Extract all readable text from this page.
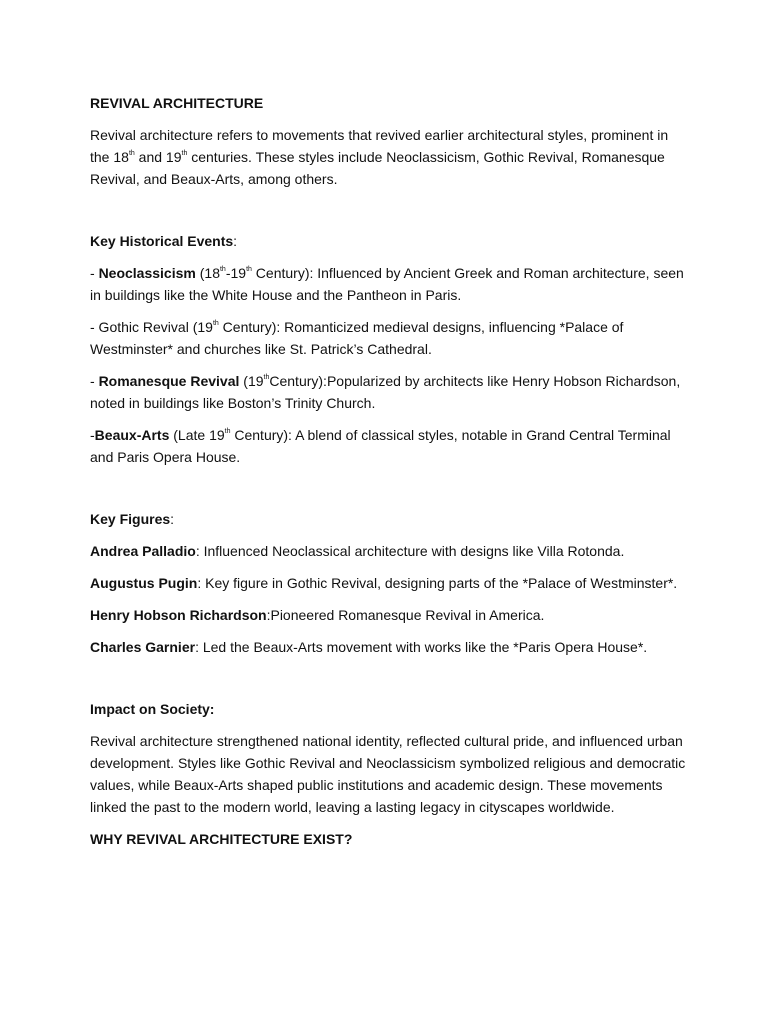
REVIVAL ARCHITECTURE

Revival architecture refers to movements that revived earlier architectural styles, prominent in the 18th and 19th centuries. These styles include Neoclassicism, Gothic Revival, Romanesque Revival, and Beaux-Arts, among others.

Key Historical Events:

- Neoclassicism (18th-19th Century): Influenced by Ancient Greek and Roman architecture, seen in buildings like the White House and the Pantheon in Paris.

- Gothic Revival (19th Century): Romanticized medieval designs, influencing *Palace of Westminster* and churches like St. Patrick’s Cathedral.

- Romanesque Revival (19thCentury):Popularized by architects like Henry Hobson Richardson, noted in buildings like Boston’s Trinity Church.

-Beaux-Arts (Late 19th Century): A blend of classical styles, notable in Grand Central Terminal and Paris Opera House.

Key Figures:

Andrea Palladio: Influenced Neoclassical architecture with designs like Villa Rotonda.

Augustus Pugin: Key figure in Gothic Revival, designing parts of the *Palace of Westminster*.

Henry Hobson Richardson:Pioneered Romanesque Revival in America.

Charles Garnier: Led the Beaux-Arts movement with works like the *Paris Opera House*.

Impact on Society:

Revival architecture strengthened national identity, reflected cultural pride, and influenced urban development. Styles like Gothic Revival and Neoclassicism symbolized religious and democratic values, while Beaux-Arts shaped public institutions and academic design. These movements linked the past to the modern world, leaving a lasting legacy in cityscapes worldwide.

WHY REVIVAL ARCHITECTURE EXIST?
